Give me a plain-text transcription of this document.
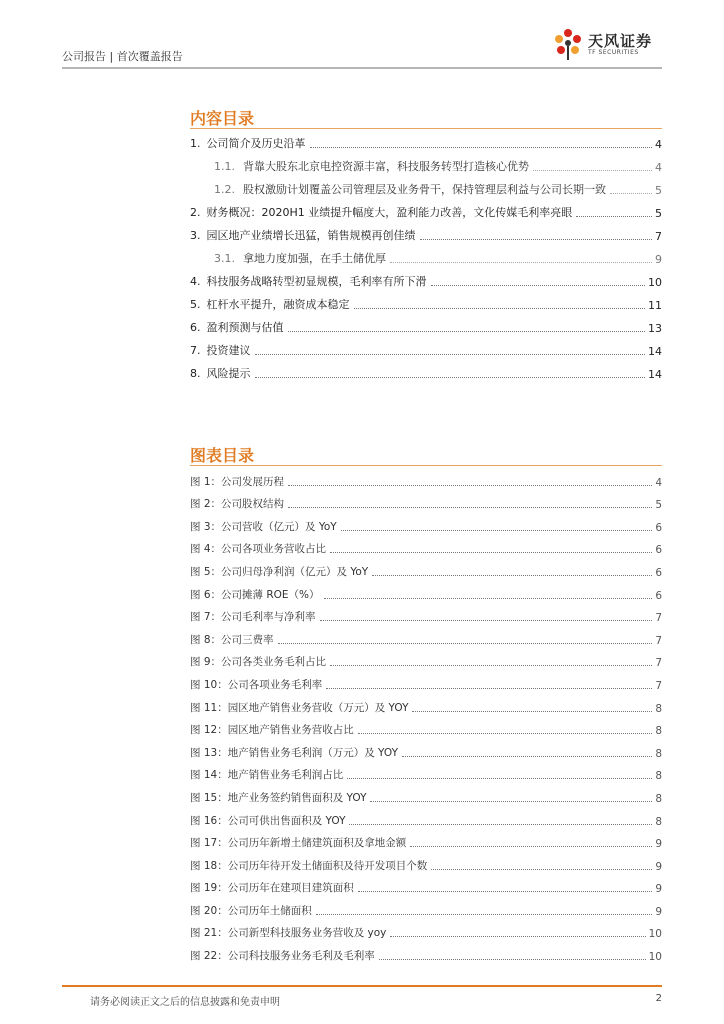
公司报告 | 首次覆盖报告
天风证券
TF SECURITIES
内容目录
1. 公司简介及历史沿革	4
1.1. 背靠大股东北京电控资源丰富，科技服务转型打造核心优势	4
1.2. 股权激励计划覆盖公司管理层及业务骨干，保持管理层利益与公司长期一致	5
2. 财务概况：2020H1 业绩提升幅度大，盈利能力改善，文化传媒毛利率亮眼	5
3. 园区地产业绩增长迅猛，销售规模再创佳绩	7
3.1. 拿地力度加强，在手土储优厚	9
4. 科技服务战略转型初显规模，毛利率有所下滑	10
5. 杠杆水平提升，融资成本稳定	11
6. 盈利预测与估值	13
7. 投资建议	14
8. 风险提示	14
图表目录
图 1：公司发展历程	4
图 2：公司股权结构	5
图 3：公司营收（亿元）及 YoY	6
图 4：公司各项业务营收占比	6
图 5：公司归母净利润（亿元）及 YoY	6
图 6：公司摊薄 ROE（%）	6
图 7：公司毛利率与净利率	7
图 8：公司三费率	7
图 9：公司各类业务毛利占比	7
图 10：公司各项业务毛利率	7
图 11：园区地产销售业务营收（万元）及 YOY	8
图 12：园区地产销售业务营收占比	8
图 13：地产销售业务毛利润（万元）及 YOY	8
图 14：地产销售业务毛利润占比	8
图 15：地产业务签约销售面积及 YOY	8
图 16：公司可供出售面积及 YOY	8
图 17：公司历年新增土储建筑面积及拿地金额	9
图 18：公司历年待开发土储面积及待开发项目个数	9
图 19：公司历年在建项目建筑面积	9
图 20：公司历年土储面积	9
图 21：公司新型科技服务业务营收及 yoy	10
图 22：公司科技服务业务毛利及毛利率	10
请务必阅读正文之后的信息披露和免责申明	2
